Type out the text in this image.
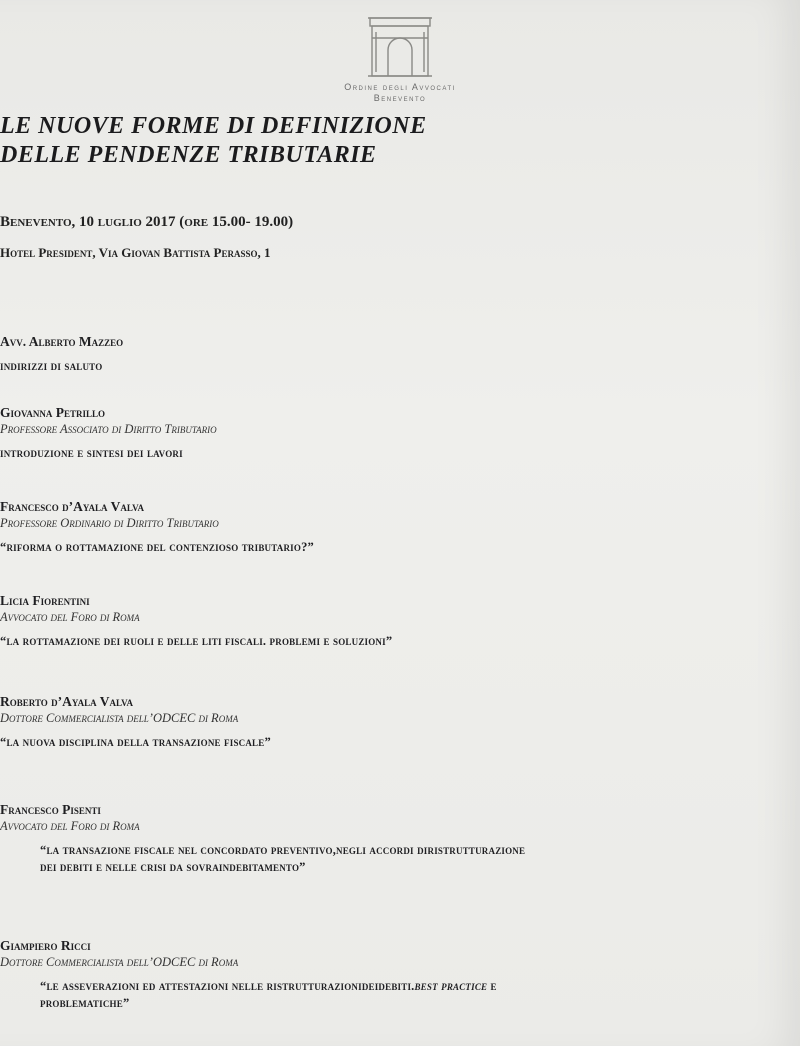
Ordine degli Avvocati
Benevento
LE NUOVE FORME DI DEFINIZIONE
DELLE PENDENZE TRIBUTARIE
Benevento, 10 luglio 2017 (ore 15.00- 19.00)
Hotel President, Via Giovan Battista Perasso, 1
Avv. Alberto Mazzeo
indirizzi di saluto
Giovanna Petrillo
Professore Associato di Diritto Tributario
introduzione e sintesi dei lavori
Francesco d’Ayala Valva
Professore Ordinario di Diritto Tributario
“riforma o rottamazione del contenzioso tributario?”
Licia Fiorentini
Avvocato del Foro di Roma
“la rottamazione dei ruoli e delle liti fiscali. problemi e soluzioni”
Roberto d’Ayala Valva
Dottore Commercialista dell’ODCEC di Roma
“la nuova disciplina della transazione fiscale”
Francesco Pisenti
Avvocato del Foro di Roma
“la transazione fiscale nel concordato preventivo,negli accordi diristrutturazione
dei debiti e nelle crisi da sovraindebitamento”
Giampiero Ricci
Dottore Commercialista dell’ODCEC di Roma
“le asseverazioni ed attestazioni nelle ristrutturazionideidebiti.best practice e
problematiche”
